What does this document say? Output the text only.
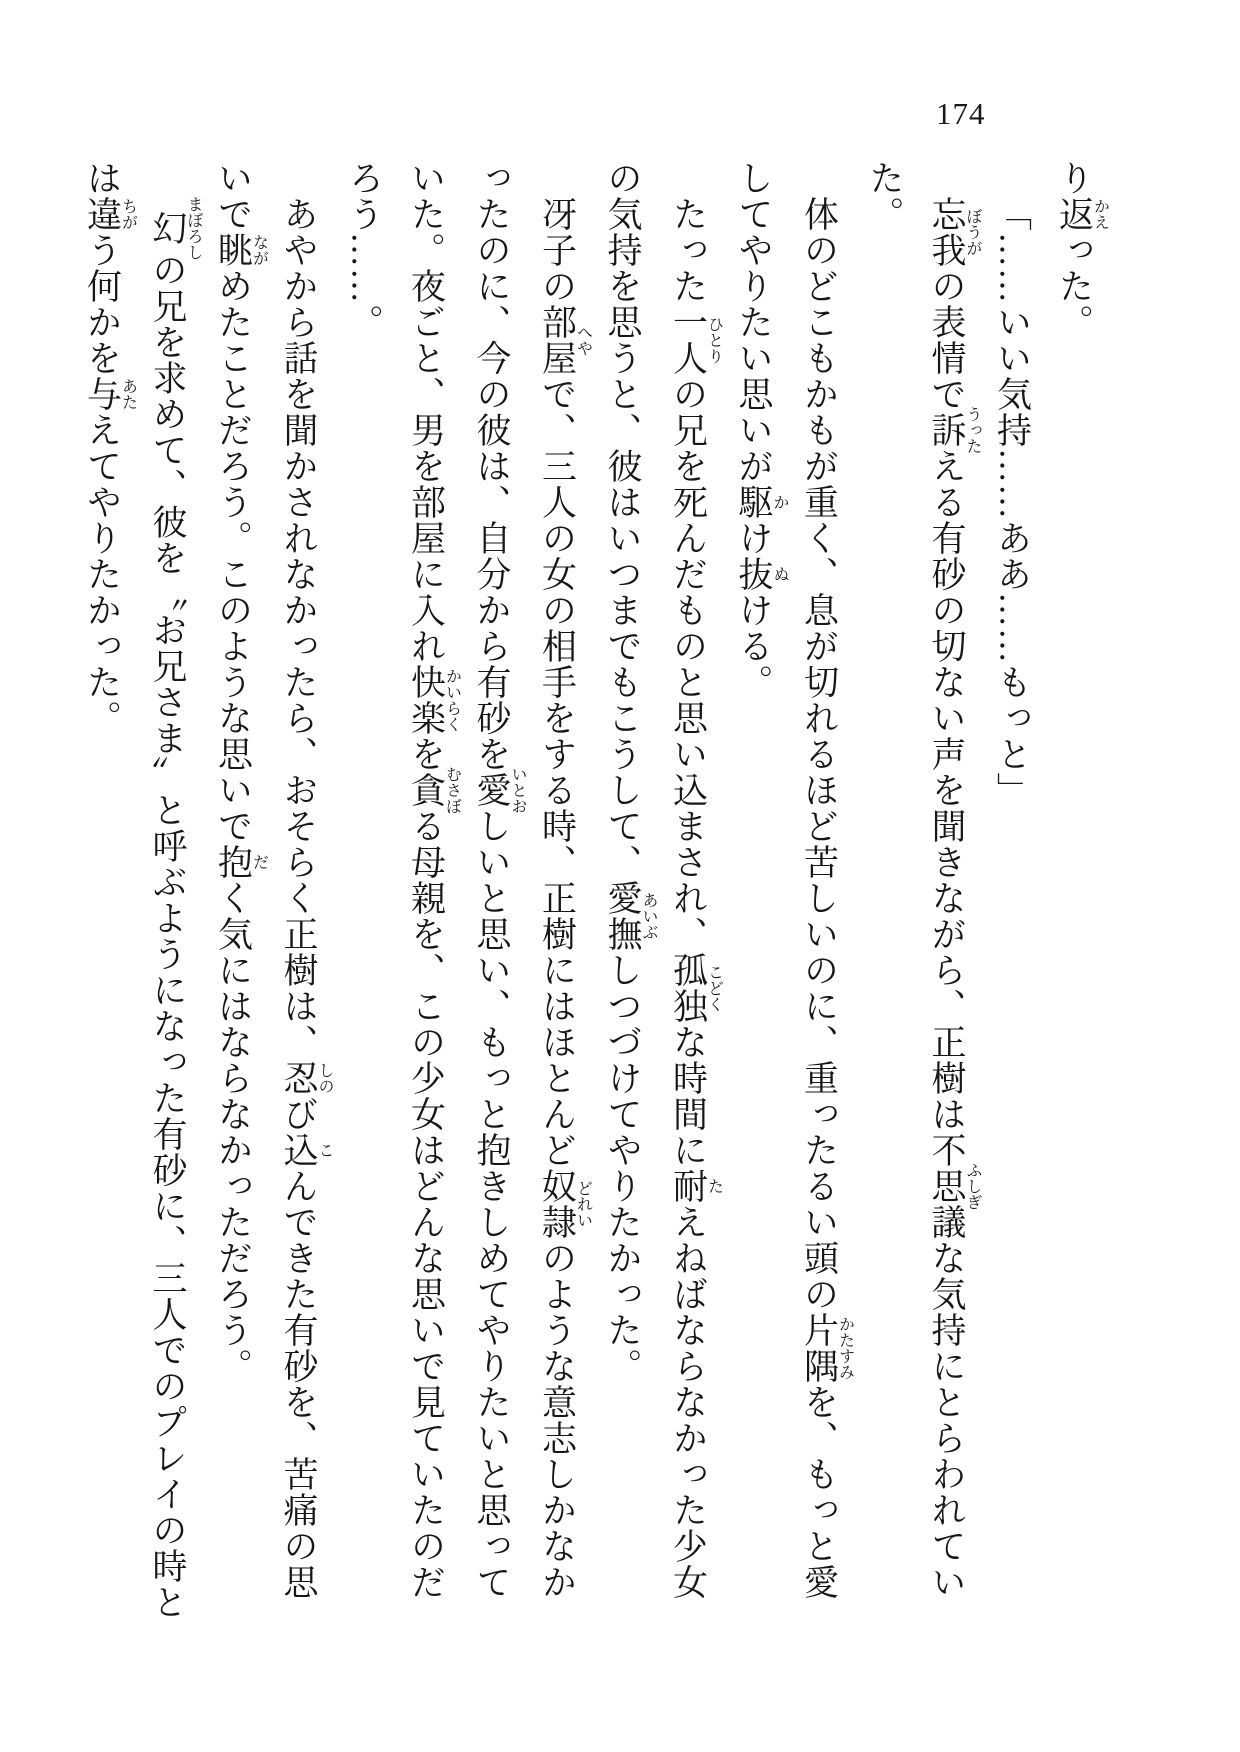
174
り返かえった。
「……いい気持……ああ……もっと」
忘我ぼうがの表情で訴うったえる有砂の切ない声を聞きながら、正樹は不思議ふしぎな気持にとらわれてい
た。
体のどこもかもが重く、息が切れるほど苦しいのに、重ったるい頭の片隅かたすみを、もっと愛
してやりたい思いが駆かけ抜ぬける。
たった一人ひとりの兄を死んだものと思い込まされ、孤独こどくな時間に耐たえねばならなかった少女
の気持を思うと、彼はいつまでもこうして、愛撫あいぶしつづけてやりたかった。
冴子の部屋へやで、三人の女の相手をする時、正樹にはほとんど奴隷どれいのような意志しかなか
ったのに、今の彼は、自分から有砂を愛いとおしいと思い、もっと抱きしめてやりたいと思って
いた。夜ごと、男を部屋に入れ快楽かいらくを貪むさぼる母親を、この少女はどんな思いで見ていたのだ
ろう……。
あやから話を聞かされなかったら、おそらく正樹は、忍しのび込こんできた有砂を、苦痛の思
いで眺ながめたことだろう。このような思いで抱だく気にはならなかっただろう。
幻まぼろしの兄を求めて、彼を〝お兄さま〟と呼ぶようになった有砂に、三人でのプレイの時と
は違ちがう何かを与あたえてやりたかった。
